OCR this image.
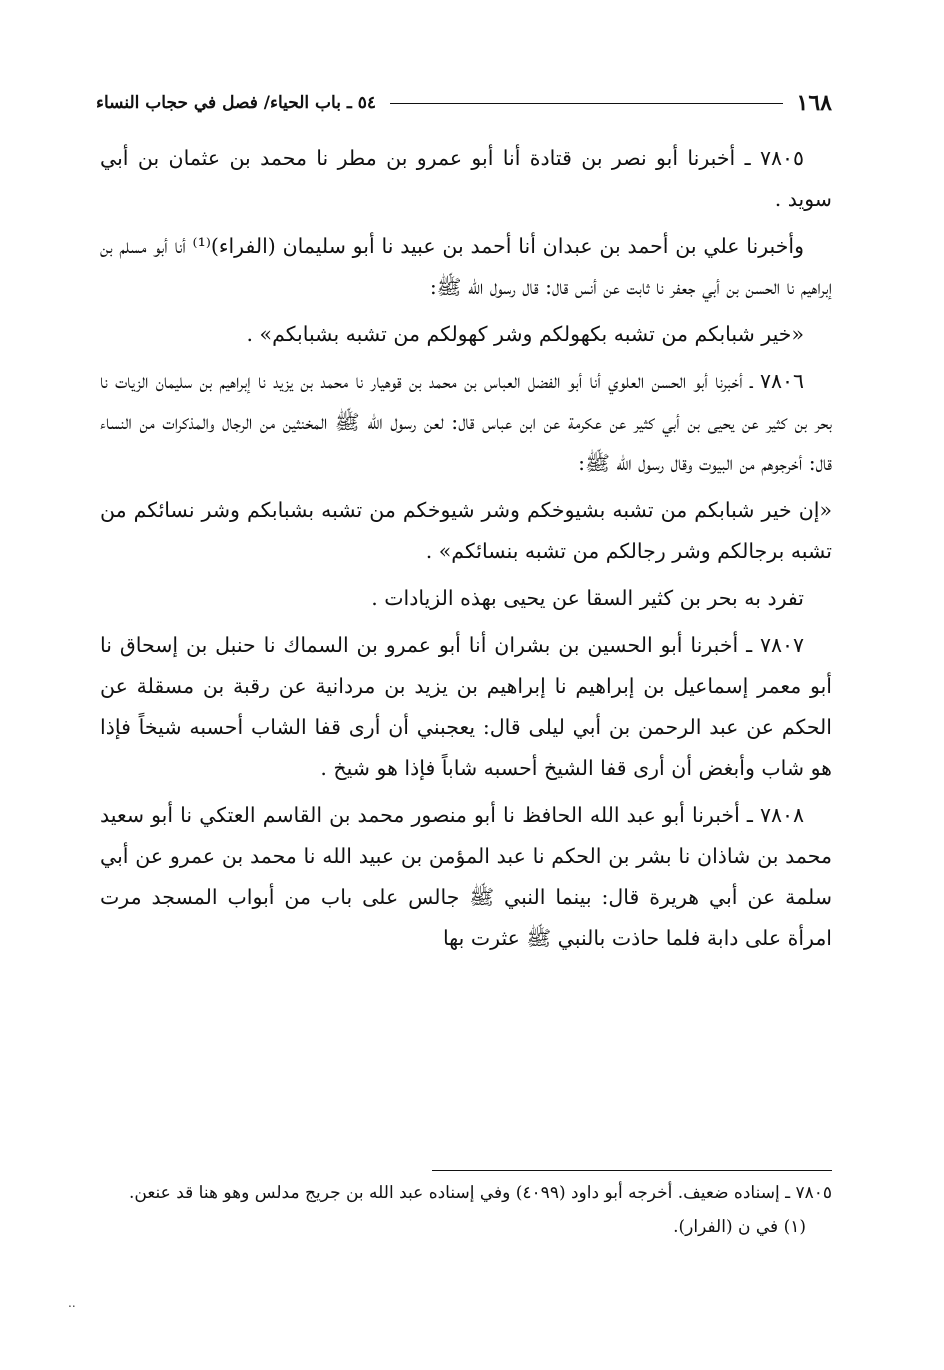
١٦٨
٥٤ ـ باب الحياء/ فصل في حجاب النساء

٧٨٠٥ ـ أخبرنا أبو نصر بن قتادة أنا أبو عمرو بن مطر نا محمد بن عثمان بن أبي سويد .

وأخبرنا علي بن أحمد بن عبدان أنا أحمد بن عبيد نا أبو سليمان (الفراء)⁽¹⁾ أنا أبو مسلم بن إبراهيم نا الحسن بن أبي جعفر نا ثابت عن أنس قال: قال رسول الله ﷺ:

«خير شبابكم من تشبه بكهولكم وشر كهولكم من تشبه بشبابكم» .

٧٨٠٦ ـ أخبرنا أبو الحسن العلوي أنا أبو الفضل العباس بن محمد بن قوهيار نا محمد بن يزيد نا إبراهيم بن سليمان الزيات نا بحر بن كثير عن يحيى بن أبي كثير عن عكرمة عن ابن عباس قال: لعن رسول الله ﷺ المخنثين من الرجال والمذكرات من النساء قال: أخرجوهم من البيوت وقال رسول الله ﷺ:

«إن خير شبابكم من تشبه بشيوخكم وشر شيوخكم من تشبه بشبابكم وشر نسائكم من تشبه برجالكم وشر رجالكم من تشبه بنسائكم» .

تفرد به بحر بن كثير السقا عن يحيى بهذه الزيادات .

٧٨٠٧ ـ أخبرنا أبو الحسين بن بشران أنا أبو عمرو بن السماك نا حنبل بن إسحاق نا أبو معمر إسماعيل بن إبراهيم نا إبراهيم بن يزيد بن مردانية عن رقبة بن مسقلة عن الحكم عن عبد الرحمن بن أبي ليلى قال: يعجبني أن أرى قفا الشاب أحسبه شيخاً فإذا هو شاب وأبغض أن أرى قفا الشيخ أحسبه شاباً فإذا هو شيخ .

٧٨٠٨ ـ أخبرنا أبو عبد الله الحافظ نا أبو منصور محمد بن القاسم العتكي نا أبو سعيد محمد بن شاذان نا بشر بن الحكم نا عبد المؤمن بن عبيد الله نا محمد بن عمرو عن أبي سلمة عن أبي هريرة قال: بينما النبي ﷺ جالس على باب من أبواب المسجد مرت امرأة على دابة فلما حاذت بالنبي ﷺ عثرت بها

٧٨٠٥ ـ إسناده ضعيف. أخرجه أبو داود (٤٠٩٩) وفي إسناده عبد الله بن جريج مدلس وهو هنا قد عنعن.

(١) في ن (الفرار).

..
